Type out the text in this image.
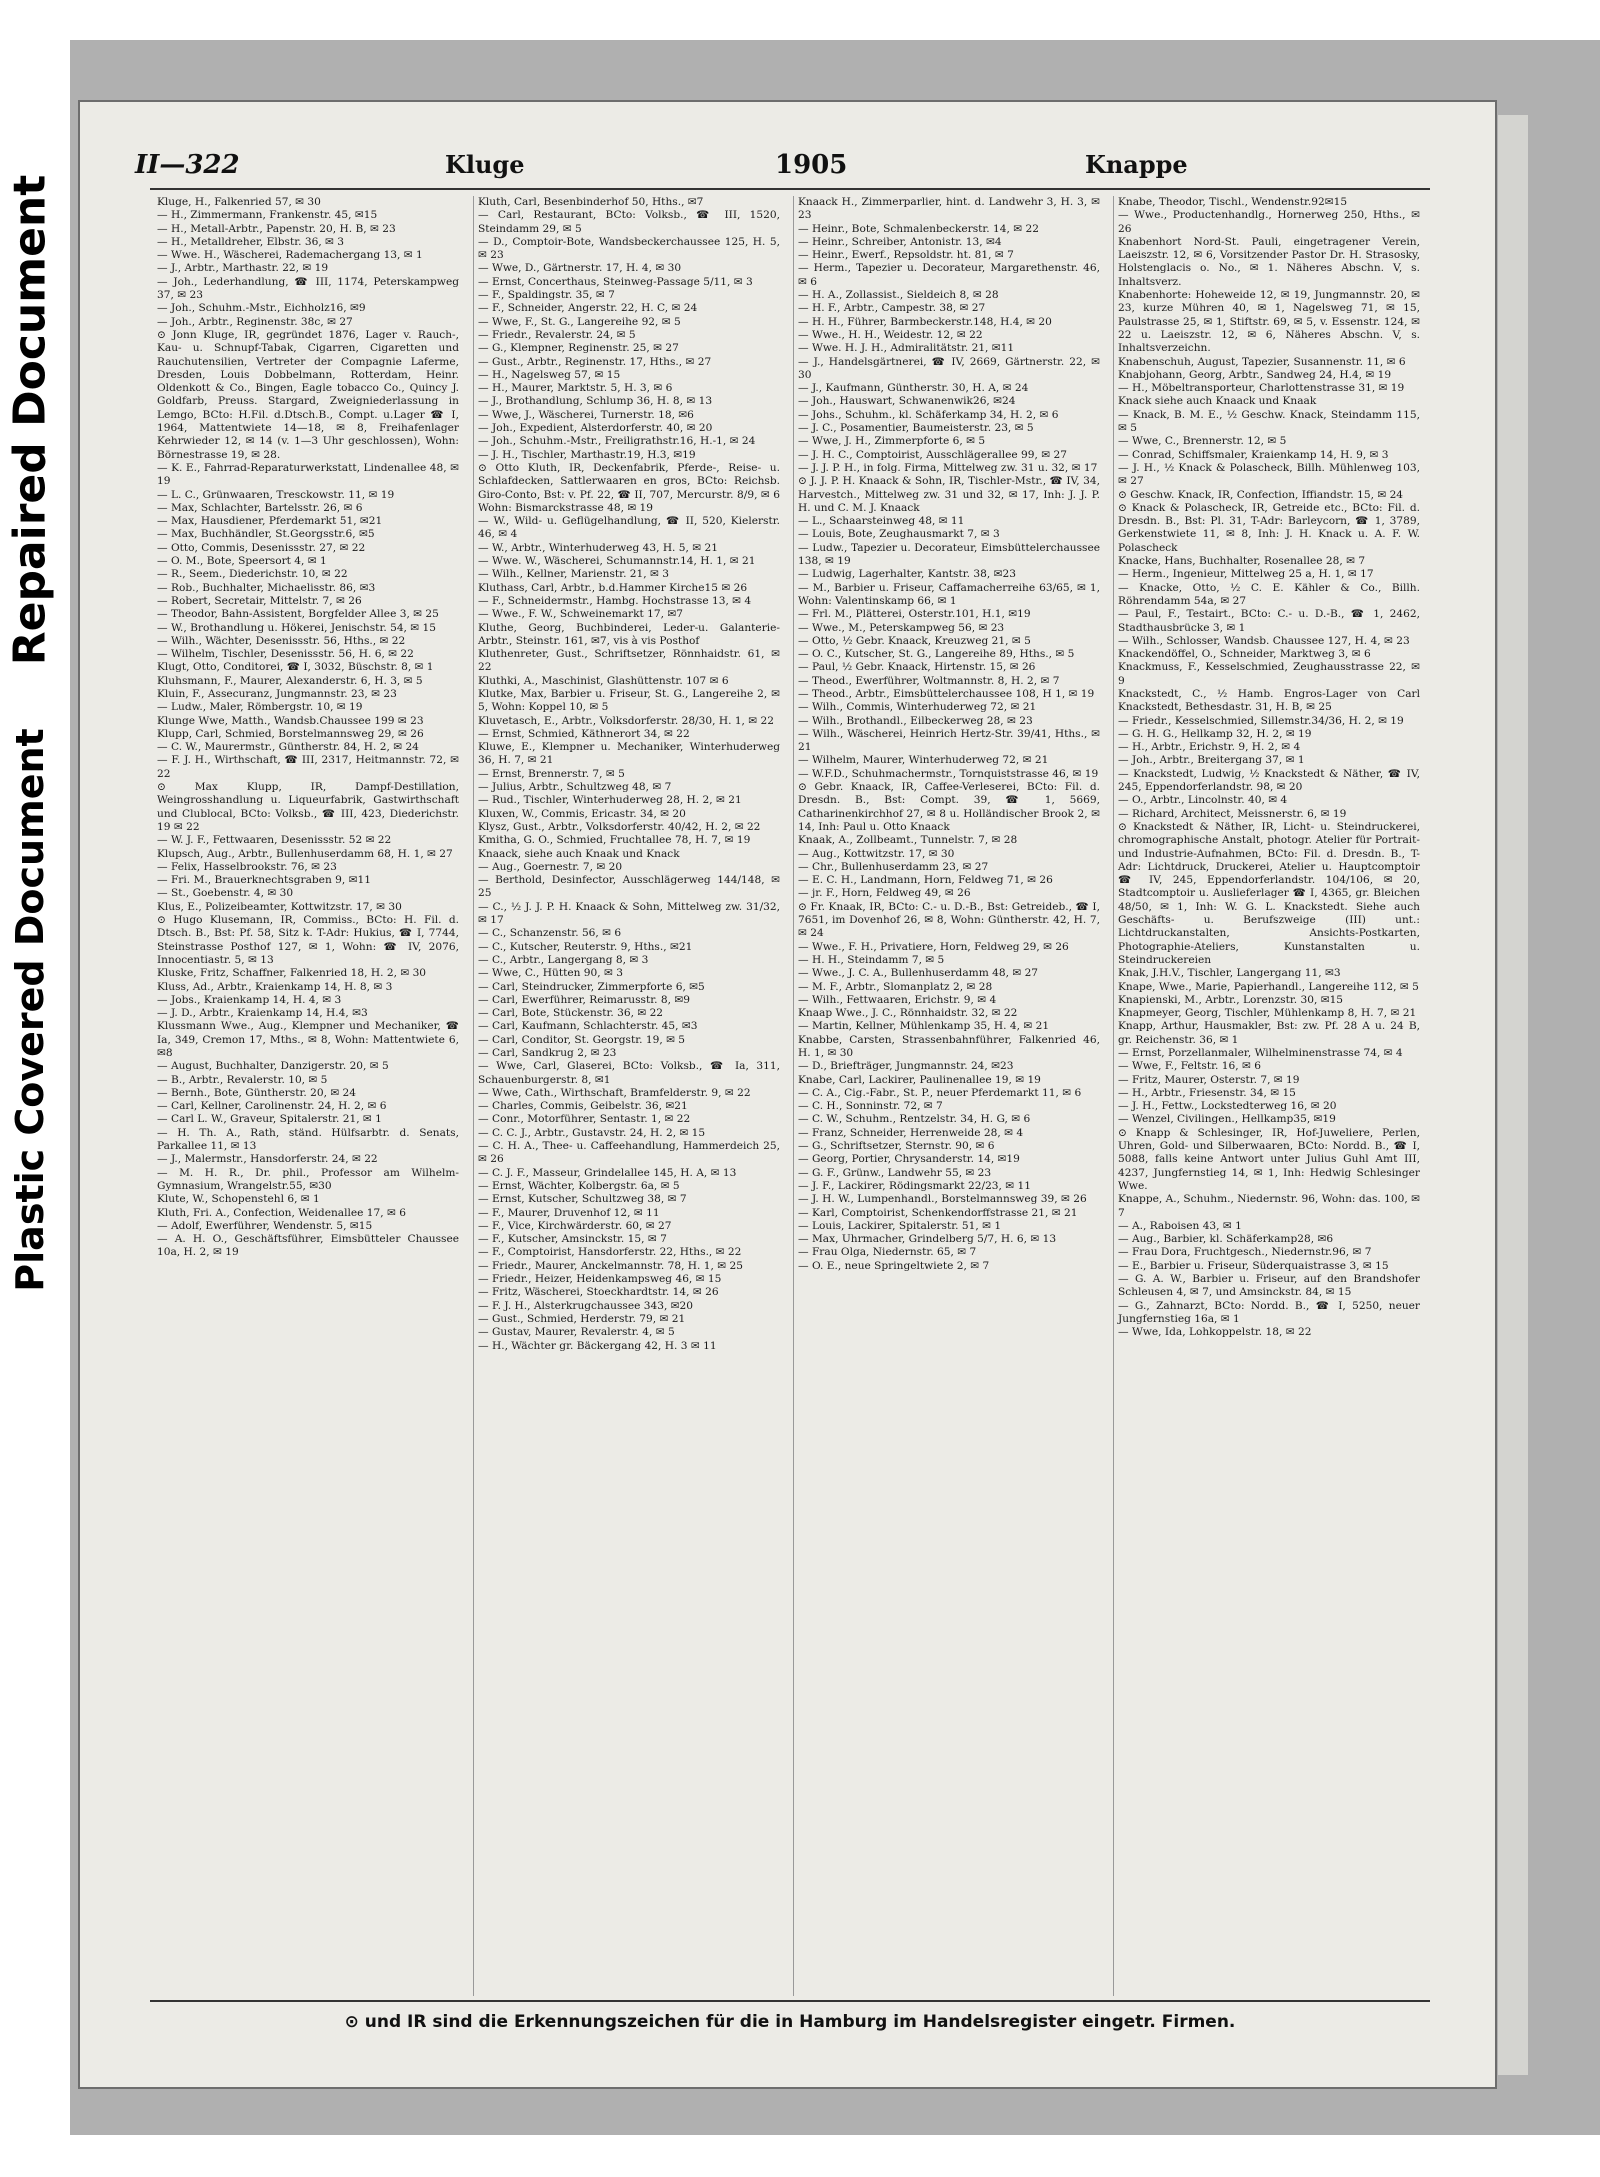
Repaired Document
Plastic Covered Document
II—322	Kluge	1905	Knappe

Kluge, H., Falkenried 57, ✉ 30

— H., Zimmermann, Frankenstr. 45, ✉15

— H., Metall-Arbtr., Papenstr. 20, H. B, ✉ 23

— H., Metalldreher, Elbstr. 36, ✉ 3

— Wwe. H., Wäscherei, Rademachergang 13, ✉ 1

— J., Arbtr., Marthastr. 22, ✉ 19

— Joh., Lederhandlung, ☎ III, 1174, Peterskampweg 37, ✉ 23

— Joh., Schuhm.-Mstr., Eichholz16, ✉9

— Joh., Arbtr., Reginenstr. 38c, ✉ 27

⊙ Jonn Kluge, IR, gegründet 1876, Lager v. Rauch-, Kau- u. Schnupf-Tabak, Cigarren, Cigaretten und Rauchutensilien, Vertreter der Compagnie Laferme, Dresden, Louis Dobbelmann, Rotterdam, Heinr. Oldenkott & Co., Bingen, Eagle tobacco Co., Quincy J. Goldfarb, Preuss. Stargard, Zweigniederlassung in Lemgo, BCto: H.Fil. d.Dtsch.B., Compt. u.Lager ☎ I, 1964, Mattentwiete 14—18, ✉ 8, Freihafenlager Kehrwieder 12, ✉ 14 (v. 1—3 Uhr geschlossen), Wohn: Börnestrasse 19, ✉ 28.

— K. E., Fahrrad-Reparaturwerkstatt, Lindenallee 48, ✉ 19

— L. C., Grünwaaren, Tresckowstr. 11, ✉ 19

— Max, Schlachter, Bartelsstr. 26, ✉ 6

— Max, Hausdiener, Pferdemarkt 51, ✉21

— Max, Buchhändler, St.Georgsstr.6, ✉5

— Otto, Commis, Desenissstr. 27, ✉ 22

— O. M., Bote, Speersort 4, ✉ 1

— R., Seem., Diederichstr. 10, ✉ 22

— Rob., Buchhalter, Michaelisstr. 86, ✉3

— Robert, Secretair, Mittelstr. 7, ✉ 26

— Theodor, Bahn-Assistent, Borgfelder Allee 3, ✉ 25

— W., Brothandlung u. Hökerei, Jenischstr. 54, ✉ 15

— Wilh., Wächter, Desenissstr. 56, Hths., ✉ 22

— Wilhelm, Tischler, Desenissstr. 56, H. 6, ✉ 22

Klugt, Otto, Conditorei, ☎ I, 3032, Büschstr. 8, ✉ 1

Kluhsmann, F., Maurer, Alexanderstr. 6, H. 3, ✉ 5

Kluin, F., Assecuranz, Jungmannstr. 23, ✉ 23

— Ludw., Maler, Römbergstr. 10, ✉ 19

Klunge Wwe, Matth., Wandsb.Chaussee 199 ✉ 23

Klupp, Carl, Schmied, Borstelmannsweg 29, ✉ 26

— C. W., Maurermstr., Güntherstr. 84, H. 2, ✉ 24

— F. J. H., Wirthschaft, ☎ III, 2317, Heitmannstr. 72, ✉ 22

⊙ Max Klupp, IR, Dampf-Destillation, Weingrosshandlung u. Liqueurfabrik, Gastwirthschaft und Clublocal, BCto: Volksb., ☎ III, 423, Diederichstr. 19 ✉ 22

— W. J. F., Fettwaaren, Desenissstr. 52 ✉ 22

Klupsch, Aug., Arbtr., Bullenhuserdamm 68, H. 1, ✉ 27

— Felix, Hasselbrookstr. 76, ✉ 23

— Fri. M., Brauerknechtsgraben 9, ✉11

— St., Goebenstr. 4, ✉ 30

Klus, E., Polizeibeamter, Kottwitzstr. 17, ✉ 30

⊙ Hugo Klusemann, IR, Commiss., BCto: H. Fil. d. Dtsch. B., Bst: Pf. 58, Sitz k. T-Adr: Hukius, ☎ I, 7744, Steinstrasse Posthof 127, ✉ 1, Wohn: ☎ IV, 2076, Innocentiastr. 5, ✉ 13

Kluske, Fritz, Schaffner, Falkenried 18, H. 2, ✉ 30

Kluss, Ad., Arbtr., Kraienkamp 14, H. 8, ✉ 3

— Jobs., Kraienkamp 14, H. 4, ✉ 3

— J. D., Arbtr., Kraienkamp 14, H.4, ✉3

Klussmann Wwe., Aug., Klempner und Mechaniker, ☎ Ia, 349, Cremon 17, Mths., ✉ 8, Wohn: Mattentwiete 6, ✉8

— August, Buchhalter, Danzigerstr. 20, ✉ 5

— B., Arbtr., Revalerstr. 10, ✉ 5

— Bernh., Bote, Güntherstr. 20, ✉ 24

— Carl, Kellner, Carolinenstr. 24, H. 2, ✉ 6

— Carl L. W., Graveur, Spitalerstr. 21, ✉ 1

— H. Th. A., Rath, ständ. Hülfsarbtr. d. Senats, Parkallee 11, ✉ 13

— J., Malermstr., Hansdorferstr. 24, ✉ 22

— M. H. R., Dr. phil., Professor am Wilhelm-Gymnasium, Wrangelstr.55, ✉30

Klute, W., Schopenstehl 6, ✉ 1

Kluth, Fri. A., Confection, Weidenallee 17, ✉ 6

— Adolf, Ewerführer, Wendenstr. 5, ✉15

— A. H. O., Geschäftsführer, Eimsbütteler Chaussee 10a, H. 2, ✉ 19

Kluth, Carl, Besenbinderhof 50, Hths., ✉7

— Carl, Restaurant, BCto: Volksb., ☎ III, 1520, Steindamm 29, ✉ 5

— D., Comptoir-Bote, Wandsbeckerchaussee 125, H. 5, ✉ 23

— Wwe, D., Gärtnerstr. 17, H. 4, ✉ 30

— Ernst, Concerthaus, Steinweg-Passage 5/11, ✉ 3

— F., Spaldingstr. 35, ✉ 7

— F., Schneider, Angerstr. 22, H. C, ✉ 24

— Wwe, F., St. G., Langereihe 92, ✉ 5

— Friedr., Revalerstr. 24, ✉ 5

— G., Klempner, Reginenstr. 25, ✉ 27

— Gust., Arbtr., Reginenstr. 17, Hths., ✉ 27

— H., Nagelsweg 57, ✉ 15

— H., Maurer, Marktstr. 5, H. 3, ✉ 6

— J., Brothandlung, Schlump 36, H. 8, ✉ 13

— Wwe, J., Wäscherei, Turnerstr. 18, ✉6

— Joh., Expedient, Alsterdorferstr. 40, ✉ 20

— Joh., Schuhm.-Mstr., Freiligrathstr.16, H.-1, ✉ 24

— J. H., Tischler, Marthastr.19, H.3, ✉19

⊙ Otto Kluth, IR, Deckenfabrik, Pferde-, Reise- u. Schlafdecken, Sattlerwaaren en gros, BCto: Reichsb. Giro-Conto, Bst: v. Pf. 22, ☎ II, 707, Mercurstr. 8/9, ✉ 6 Wohn: Bismarckstrasse 48, ✉ 19

— W., Wild- u. Geflügelhandlung, ☎ II, 520, Kielerstr. 46, ✉ 4

— W., Arbtr., Winterhuderweg 43, H. 5, ✉ 21

— Wwe. W., Wäscherei, Schumannstr.14, H. 1, ✉ 21

— Wilh., Kellner, Marienstr. 21, ✉ 3

Kluthass, Carl, Arbtr., b.d.Hammer Kirche15 ✉ 26

— F., Schneidermstr., Hambg. Hochstrasse 13, ✉ 4

— Wwe., F. W., Schweinemarkt 17, ✉7

Kluthe, Georg, Buchbinderei, Leder-u. Galanterie-Arbtr., Steinstr. 161, ✉7, vis à vis Posthof

Kluthenreter, Gust., Schriftsetzer, Rönnhaidstr. 61, ✉ 22

Kluthki, A., Maschinist, Glashüttenstr. 107 ✉ 6

Klutke, Max, Barbier u. Friseur, St. G., Langereihe 2, ✉ 5, Wohn: Koppel 10, ✉ 5

Kluvetasch, E., Arbtr., Volksdorferstr. 28/30, H. 1, ✉ 22

— Ernst, Schmied, Käthnerort 34, ✉ 22

Kluwe, E., Klempner u. Mechaniker, Winterhuderweg 36, H. 7, ✉ 21

— Ernst, Brennerstr. 7, ✉ 5

— Julius, Arbtr., Schultzweg 48, ✉ 7

— Rud., Tischler, Winterhuderweg 28, H. 2, ✉ 21

Kluxen, W., Commis, Ericastr. 34, ✉ 20

Klysz, Gust., Arbtr., Volksdorferstr. 40/42, H. 2, ✉ 22

Kmitha, G. O., Schmied, Fruchtallee 78, H. 7, ✉ 19

Knaack, siehe auch Knaak und Knack

— Aug., Goernestr. 7, ✉ 20

— Berthold, Desinfector, Ausschlägerweg 144/148, ✉ 25

— C., ½ J. J. P. H. Knaack & Sohn, Mittelweg zw. 31/32, ✉ 17

— C., Schanzenstr. 56, ✉ 6

— C., Kutscher, Reuterstr. 9, Hths., ✉21

— C., Arbtr., Langergang 8, ✉ 3

— Wwe, C., Hütten 90, ✉ 3

— Carl, Steindrucker, Zimmerpforte 6, ✉5

— Carl, Ewerführer, Reimarusstr. 8, ✉9

— Carl, Bote, Stückenstr. 36, ✉ 22

— Carl, Kaufmann, Schlachterstr. 45, ✉3

— Carl, Conditor, St. Georgstr. 19, ✉ 5

— Carl, Sandkrug 2, ✉ 23

— Wwe, Carl, Glaserei, BCto: Volksb., ☎ Ia, 311, Schauenburgerstr. 8, ✉1

— Wwe, Cath., Wirthschaft, Bramfelderstr. 9, ✉ 22

— Charles, Commis, Geibelstr. 36, ✉21

— Conr., Motorführer, Sentastr. 1, ✉ 22

— C. C. J., Arbtr., Gustavstr. 24, H. 2, ✉ 15

— C. H. A., Thee- u. Caffeehandlung, Hammerdeich 25, ✉ 26

— C. J. F., Masseur, Grindelallee 145, H. A, ✉ 13

— Ernst, Wächter, Kolbergstr. 6a, ✉ 5

— Ernst, Kutscher, Schultzweg 38, ✉ 7

— F., Maurer, Druvenhof 12, ✉ 11

— F., Vice, Kirchwärderstr. 60, ✉ 27

— F., Kutscher, Amsinckstr. 15, ✉ 7

— F., Comptoirist, Hansdorferstr. 22, Hths., ✉ 22

— Friedr., Maurer, Anckelmannstr. 78, H. 1, ✉ 25

— Friedr., Heizer, Heidenkampsweg 46, ✉ 15

— Fritz, Wäscherei, Stoeckhardtstr. 14, ✉ 26

— F. J. H., Alsterkrugchaussee 343, ✉20

— Gust., Schmied, Herderstr. 79, ✉ 21

— Gustav, Maurer, Revalerstr. 4, ✉ 5

— H., Wächter gr. Bäckergang 42, H. 3 ✉ 11

Knaack H., Zimmerparlier, hint. d. Landwehr 3, H. 3, ✉ 23

— Heinr., Bote, Schmalenbeckerstr. 14, ✉ 22

— Heinr., Schreiber, Antonistr. 13, ✉4

— Heinr., Ewerf., Repsoldstr. ht. 81, ✉ 7

— Herm., Tapezier u. Decorateur, Margarethenstr. 46, ✉ 6

— H. A., Zollassist., Sieldeich 8, ✉ 28

— H. F., Arbtr., Campestr. 38, ✉ 27

— H. H., Führer, Barmbeckerstr.148, H.4, ✉ 20

— Wwe., H. H., Weidestr. 12, ✉ 22

— Wwe. H. J. H., Admiralitätstr. 21, ✉11

— J., Handelsgärtnerei, ☎ IV, 2669, Gärtnerstr. 22, ✉ 30

— J., Kaufmann, Güntherstr. 30, H. A, ✉ 24

— Joh., Hauswart, Schwanenwik26, ✉24

— Johs., Schuhm., kl. Schäferkamp 34, H. 2, ✉ 6

— J. C., Posamentier, Baumeisterstr. 23, ✉ 5

— Wwe, J. H., Zimmerpforte 6, ✉ 5

— J. H. C., Comptoirist, Ausschlägerallee 99, ✉ 27

— J. J. P. H., in folg. Firma, Mittelweg zw. 31 u. 32, ✉ 17

⊙ J. J. P. H. Knaack & Sohn, IR, Tischler-Mstr., ☎ IV, 34, Harvestch., Mittelweg zw. 31 und 32, ✉ 17, Inh: J. J. P. H. und C. M. J. Knaack

— L., Schaarsteinweg 48, ✉ 11

— Louis, Bote, Zeughausmarkt 7, ✉ 3

— Ludw., Tapezier u. Decorateur, Eimsbüttelerchaussee 138, ✉ 19

— Ludwig, Lagerhalter, Kantstr. 38, ✉23

— M., Barbier u. Friseur, Caffamacherreihe 63/65, ✉ 1, Wohn: Valentinskamp 66, ✉ 1

— Frl. M., Plätterei, Osterstr.101, H.1, ✉19

— Wwe., M., Peterskampweg 56, ✉ 23

— Otto, ½ Gebr. Knaack, Kreuzweg 21, ✉ 5

— O. C., Kutscher, St. G., Langereihe 89, Hths., ✉ 5

— Paul, ½ Gebr. Knaack, Hirtenstr. 15, ✉ 26

— Theod., Ewerführer, Woltmannstr. 8, H. 2, ✉ 7

— Theod., Arbtr., Eimsbüttelerchaussee 108, H 1, ✉ 19

— Wilh., Commis, Winterhuderweg 72, ✉ 21

— Wilh., Brothandl., Eilbeckerweg 28, ✉ 23

— Wilh., Wäscherei, Heinrich Hertz-Str. 39/41, Hths., ✉ 21

— Wilhelm, Maurer, Winterhuderweg 72, ✉ 21

— W.F.D., Schuhmachermstr., Tornquiststrasse 46, ✉ 19

⊙ Gebr. Knaack, IR, Caffee-Verleserei, BCto: Fil. d. Dresdn. B., Bst: Compt. 39, ☎ 1, 5669, Catharinenkirchhof 27, ✉ 8 u. Holländischer Brook 2, ✉ 14, Inh: Paul u. Otto Knaack

Knaak, A., Zollbeamt., Tunnelstr. 7, ✉ 28

— Aug., Kottwitzstr. 17, ✉ 30

— Chr., Bullenhuserdamm 23, ✉ 27

— E. C. H., Landmann, Horn, Feldweg 71, ✉ 26

— jr. F., Horn, Feldweg 49, ✉ 26

⊙ Fr. Knaak, IR, BCto: C.- u. D.-B., Bst: Getreideb., ☎ I, 7651, im Dovenhof 26, ✉ 8, Wohn: Güntherstr. 42, H. 7, ✉ 24

— Wwe., F. H., Privatiere, Horn, Feldweg 29, ✉ 26

— H. H., Steindamm 7, ✉ 5

— Wwe., J. C. A., Bullenhuserdamm 48, ✉ 27

— M. F., Arbtr., Slomanplatz 2, ✉ 28

— Wilh., Fettwaaren, Erichstr. 9, ✉ 4

Knaap Wwe., J. C., Rönnhaidstr. 32, ✉ 22

— Martin, Kellner, Mühlenkamp 35, H. 4, ✉ 21

Knabbe, Carsten, Strassenbahnführer, Falkenried 46, H. 1, ✉ 30

— D., Briefträger, Jungmannstr. 24, ✉23

Knabe, Carl, Lackirer, Paulinenallee 19, ✉ 19

— C. A., Cig.-Fabr., St. P., neuer Pferdemarkt 11, ✉ 6

— C. H., Sonninstr. 72, ✉ 7

— C. W., Schuhm., Rentzelstr. 34, H. G, ✉ 6

— Franz, Schneider, Herrenweide 28, ✉ 4

— G., Schriftsetzer, Sternstr. 90, ✉ 6

— Georg, Portier, Chrysanderstr. 14, ✉19

— G. F., Grünw., Landwehr 55, ✉ 23

— J. F., Lackirer, Rödingsmarkt 22/23, ✉ 11

— J. H. W., Lumpenhandl., Borstelmannsweg 39, ✉ 26

— Karl, Comptoirist, Schenkendorffstrasse 21, ✉ 21

— Louis, Lackirer, Spitalerstr. 51, ✉ 1

— Max, Uhrmacher, Grindelberg 5/7, H. 6, ✉ 13

— Frau Olga, Niedernstr. 65, ✉ 7

— O. E., neue Springeltwiete 2, ✉ 7

Knabe, Theodor, Tischl., Wendenstr.92✉15

— Wwe., Productenhandlg., Hornerweg 250, Hths., ✉ 26

Knabenhort Nord-St. Pauli, eingetragener Verein, Laeiszstr. 12, ✉ 6, Vorsitzender Pastor Dr. H. Strasosky, Holstenglacis o. No., ✉ 1. Näheres Abschn. V, s. Inhaltsverz.

Knabenhorte: Hoheweide 12, ✉ 19, Jungmannstr. 20, ✉ 23, kurze Mühren 40, ✉ 1, Nagelsweg 71, ✉ 15, Paulstrasse 25, ✉ 1, Stiftstr. 69, ✉ 5, v. Essenstr. 124, ✉ 22 u. Laeiszstr. 12, ✉ 6, Näheres Abschn. V, s. Inhaltsverzeichn.

Knabenschuh, August, Tapezier, Susannenstr. 11, ✉ 6

Knabjohann, Georg, Arbtr., Sandweg 24, H.4, ✉ 19

— H., Möbeltransporteur, Charlottenstrasse 31, ✉ 19

Knack siehe auch Knaack und Knaak

— Knack, B. M. E., ½ Geschw. Knack, Steindamm 115, ✉ 5

— Wwe, C., Brennerstr. 12, ✉ 5

— Conrad, Schiffsmaler, Kraienkamp 14, H. 9, ✉ 3

— J. H., ½ Knack & Polascheck, Billh. Mühlenweg 103, ✉ 27

⊙ Geschw. Knack, IR, Confection, Iffiandstr. 15, ✉ 24

⊙ Knack & Polascheck, IR, Getreide etc., BCto: Fil. d. Dresdn. B., Bst: Pl. 31, T-Adr: Barleycorn, ☎ 1, 3789, Gerkenstwiete 11, ✉ 8, Inh: J. H. Knack u. A. F. W. Polascheck

Knacke, Hans, Buchhalter, Rosenallee 28, ✉ 7

— Herm., Ingenieur, Mittelweg 25 a, H. 1, ✉ 17

— Knacke, Otto, ½ C. E. Kähler & Co., Billh. Röhrendamm 54a, ✉ 27

— Paul, F., Testairt., BCto: C.- u. D.-B., ☎ 1, 2462, Stadthausbrücke 3, ✉ 1

— Wilh., Schlosser, Wandsb. Chaussee 127, H. 4, ✉ 23

Knackendöffel, O., Schneider, Marktweg 3, ✉ 6

Knackmuss, F., Kesselschmied, Zeughausstrasse 22, ✉ 9

Knackstedt, C., ½ Hamb. Engros-Lager von Carl Knackstedt, Bethesdastr. 31, H. B, ✉ 25

— Friedr., Kesselschmied, Sillemstr.34/36, H. 2, ✉ 19

— G. H. G., Hellkamp 32, H. 2, ✉ 19

— H., Arbtr., Erichstr. 9, H. 2, ✉ 4

— Joh., Arbtr., Breitergang 37, ✉ 1

— Knackstedt, Ludwig, ½ Knackstedt & Näther, ☎ IV, 245, Eppendorferlandstr. 98, ✉ 20

— O., Arbtr., Lincolnstr. 40, ✉ 4

— Richard, Architect, Meissnerstr. 6, ✉ 19

⊙ Knackstedt & Näther, IR, Licht- u. Steindruckerei, chromographische Anstalt, photogr. Atelier für Portrait- und Industrie-Aufnahmen, BCto: Fil. d. Dresdn. B., T-Adr: Lichtdruck, Druckerei, Atelier u. Hauptcomptoir ☎ IV, 245, Eppendorferlandstr. 104/106, ✉ 20, Stadtcomptoir u. Auslieferlager ☎ I, 4365, gr. Bleichen 48/50, ✉ 1, Inh: W. G. L. Knackstedt. Siehe auch Geschäfts- u. Berufszweige (III) unt.: Lichtdruckanstalten, Ansichts-Postkarten, Photographie-Ateliers, Kunstanstalten u. Steindruckereien

Knak, J.H.V., Tischler, Langergang 11, ✉3

Knape, Wwe., Marie, Papierhandl., Langereihe 112, ✉ 5

Knapienski, M., Arbtr., Lorenzstr. 30, ✉15

Knapmeyer, Georg, Tischler, Mühlenkamp 8, H. 7, ✉ 21

Knapp, Arthur, Hausmakler, Bst: zw. Pf. 28 A u. 24 B, gr. Reichenstr. 36, ✉ 1

— Ernst, Porzellanmaler, Wilhelminenstrasse 74, ✉ 4

— Wwe, F., Feltstr. 16, ✉ 6

— Fritz, Maurer, Osterstr. 7, ✉ 19

— H., Arbtr., Friesenstr. 34, ✉ 15

— J. H., Fettw., Lockstedterweg 16, ✉ 20

— Wenzel, Civilingen., Hellkamp35, ✉19

⊙ Knapp & Schlesinger, IR, Hof-Juweliere, Perlen, Uhren, Gold- und Silberwaaren, BCto: Nordd. B., ☎ I, 5088, falls keine Antwort unter Julius Guhl Amt III, 4237, Jungfernstieg 14, ✉ 1, Inh: Hedwig Schlesinger Wwe.

Knappe, A., Schuhm., Niedernstr. 96, Wohn: das. 100, ✉ 7

— A., Raboisen 43, ✉ 1

— Aug., Barbier, kl. Schäferkamp28, ✉6

— Frau Dora, Fruchtgesch., Niedernstr.96, ✉ 7

— E., Barbier u. Friseur, Süderquaistrasse 3, ✉ 15

— G. A. W., Barbier u. Friseur, auf den Brandshofer Schleusen 4, ✉ 7, und Amsinckstr. 84, ✉ 15

— G., Zahnarzt, BCto: Nordd. B., ☎ I, 5250, neuer Jungfernstieg 16a, ✉ 1

— Wwe, Ida, Lohkoppelstr. 18, ✉ 22

⊙ und IR sind die Erkennungszeichen für die in Hamburg im Handelsregister eingetr. Firmen.
